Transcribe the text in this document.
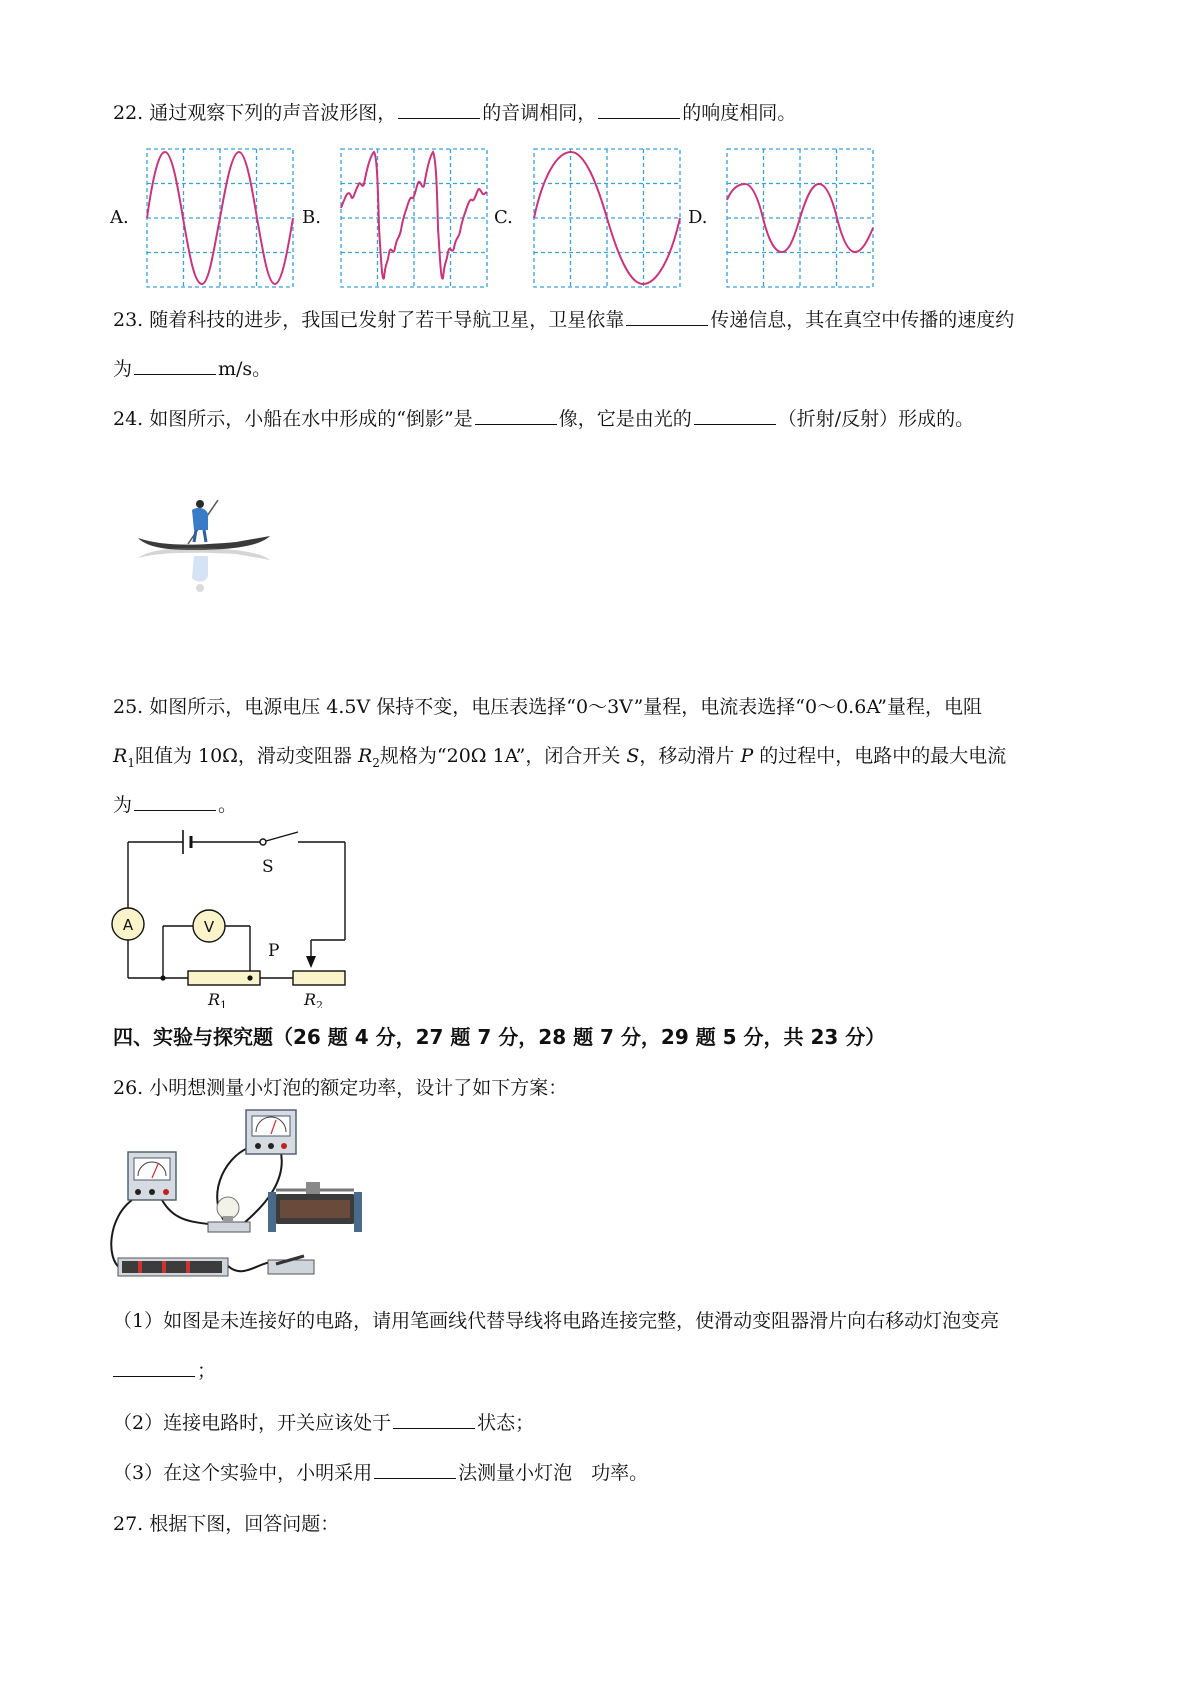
22. 通过观察下列的声音波形图，	的音调相同，	的响度相同。
A.	B.	C.	D.
23. 随着科技的进步，我国已发射了若干导航卫星，卫星依靠	传递信息，其在真空中传播的速度约
为	m/s。
24. 如图所示，小船在水中形成的“倒影”是	像，它是由光的	（折射/反射）形成的。
25. 如图所示，电源电压 4.5V 保持不变，电压表选择“0～3V”量程，电流表选择“0～0.6A”量程，电阻
$R_1$阻值为 10Ω，滑动变阻器 $R_2$规格为“20Ω 1A”，闭合开关 S，移动滑片 P 的过程中，电路中的最大电流
为	。
A	V
S
P
$R_1$	$R_2$
四、实验与探究题（26 题 4 分，27 题 7 分，28 题 7 分，29 题 5 分，共 23 分）
26. 小明想测量小灯泡的额定功率，设计了如下方案：
（1）如图是未连接好的电路，请用笔画线代替导线将电路连接完整，使滑动变阻器滑片向右移动灯泡变亮
；
（2）连接电路时，开关应该处于	状态；
（3）在这个实验中，小明采用	法测量小灯泡　功率。
27. 根据下图，回答问题：
